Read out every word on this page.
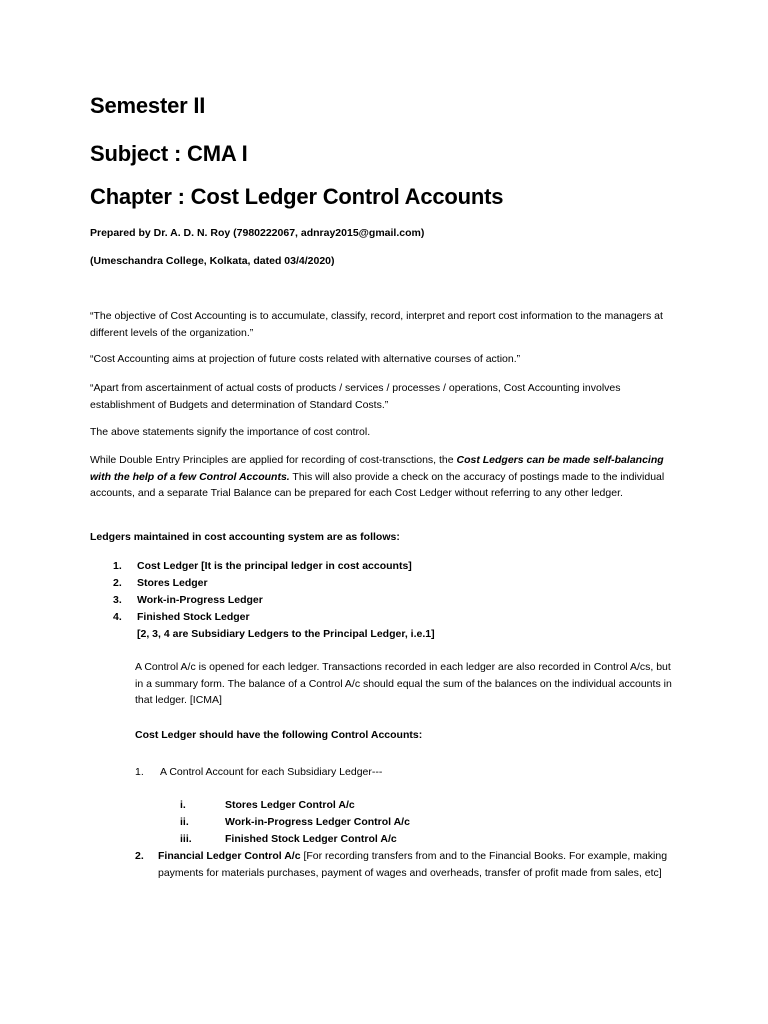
Semester II
Subject : CMA I
Chapter : Cost Ledger Control Accounts
Prepared by Dr. A. D. N. Roy (7980222067, adnray2015@gmail.com)
(Umeschandra College, Kolkata, dated 03/4/2020)
“The objective of Cost Accounting is to accumulate, classify, record, interpret and report cost information to the managers at different levels of the organization.”
“Cost Accounting aims at projection of future costs related with alternative courses of action.”
“Apart from ascertainment of actual costs of products / services / processes / operations, Cost Accounting involves establishment of Budgets and determination of Standard Costs.”
The above statements signify the importance of cost control.
While Double Entry Principles are applied for recording of cost-transctions, the Cost Ledgers can be made self-balancing with the help of a few Control Accounts. This will also provide a check on the accuracy of postings made to the individual accounts, and a separate Trial Balance can be prepared for each Cost Ledger without referring to any other ledger.
Ledgers maintained in cost accounting system are as follows:
1.	Cost Ledger [It is the principal ledger in cost accounts]
2.	Stores Ledger
3.	Work-in-Progress Ledger
4.	Finished Stock Ledger
[2, 3, 4 are Subsidiary Ledgers to the Principal Ledger, i.e.1]
A Control A/c is opened for each ledger. Transactions recorded in each ledger are also recorded in Control A/cs, but in a summary form. The balance of a Control A/c should equal the sum of the balances on the individual accounts in that ledger. [ICMA]
Cost Ledger should have the following Control Accounts:
1. A Control Account for each Subsidiary Ledger---
i.	Stores Ledger Control A/c
ii.	Work-in-Progress Ledger Control A/c
iii.	Finished Stock Ledger Control A/c
2.	Financial Ledger Control A/c [For recording transfers from and to the Financial Books. For example, making payments for materials purchases, payment of wages and overheads, transfer of profit made from sales, etc]
